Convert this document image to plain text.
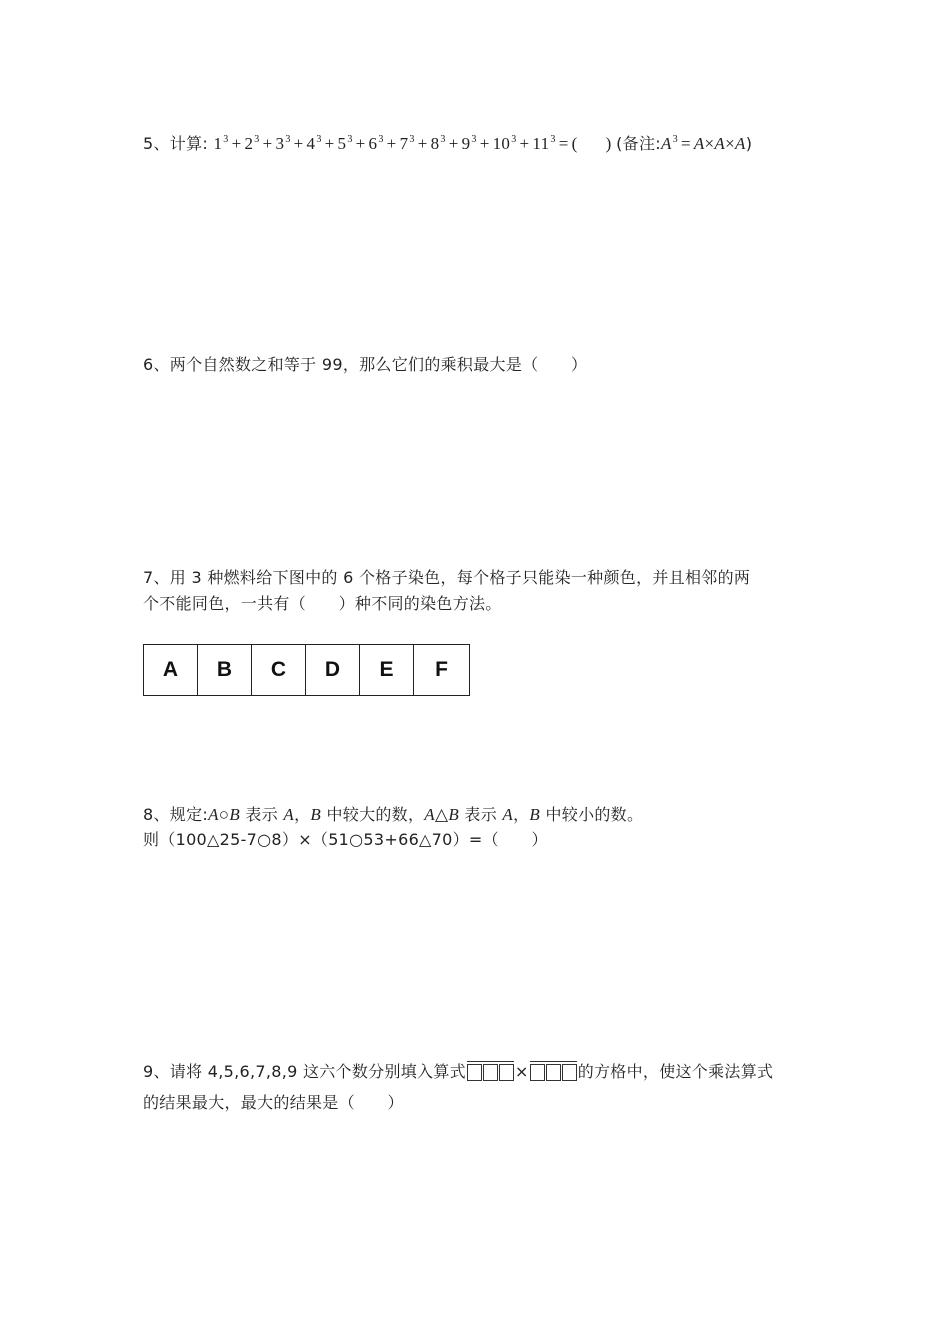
5、计算: $1^3 + 2^3 + 3^3 + 4^3 + 5^3 + 6^3 + 7^3 + 8^3 + 9^3 + 10^3 + 11^3$ = ( ) (备注$:A^3 = A\times A\times A$)
6、两个自然数之和等于 99，那么它们的乘积最大是（　　）
7、用 3 种燃料给下图中的 6 个格子染色，每个格子只能染一种颜色，并且相邻的两
个不能同色，一共有（　　）种不同的染色方法。
A	B	C	D	E	F
8、规定:A○B 表示 A，B 中较大的数，A△B 表示 A，B 中较小的数。
则（100△25-7○8）×（51○53+66△70）=（　　）
9、请将 4,5,6,7,8,9 这六个数分别填入算式	×	的方格中，使这个乘法算式
的结果最大，最大的结果是（　　）
